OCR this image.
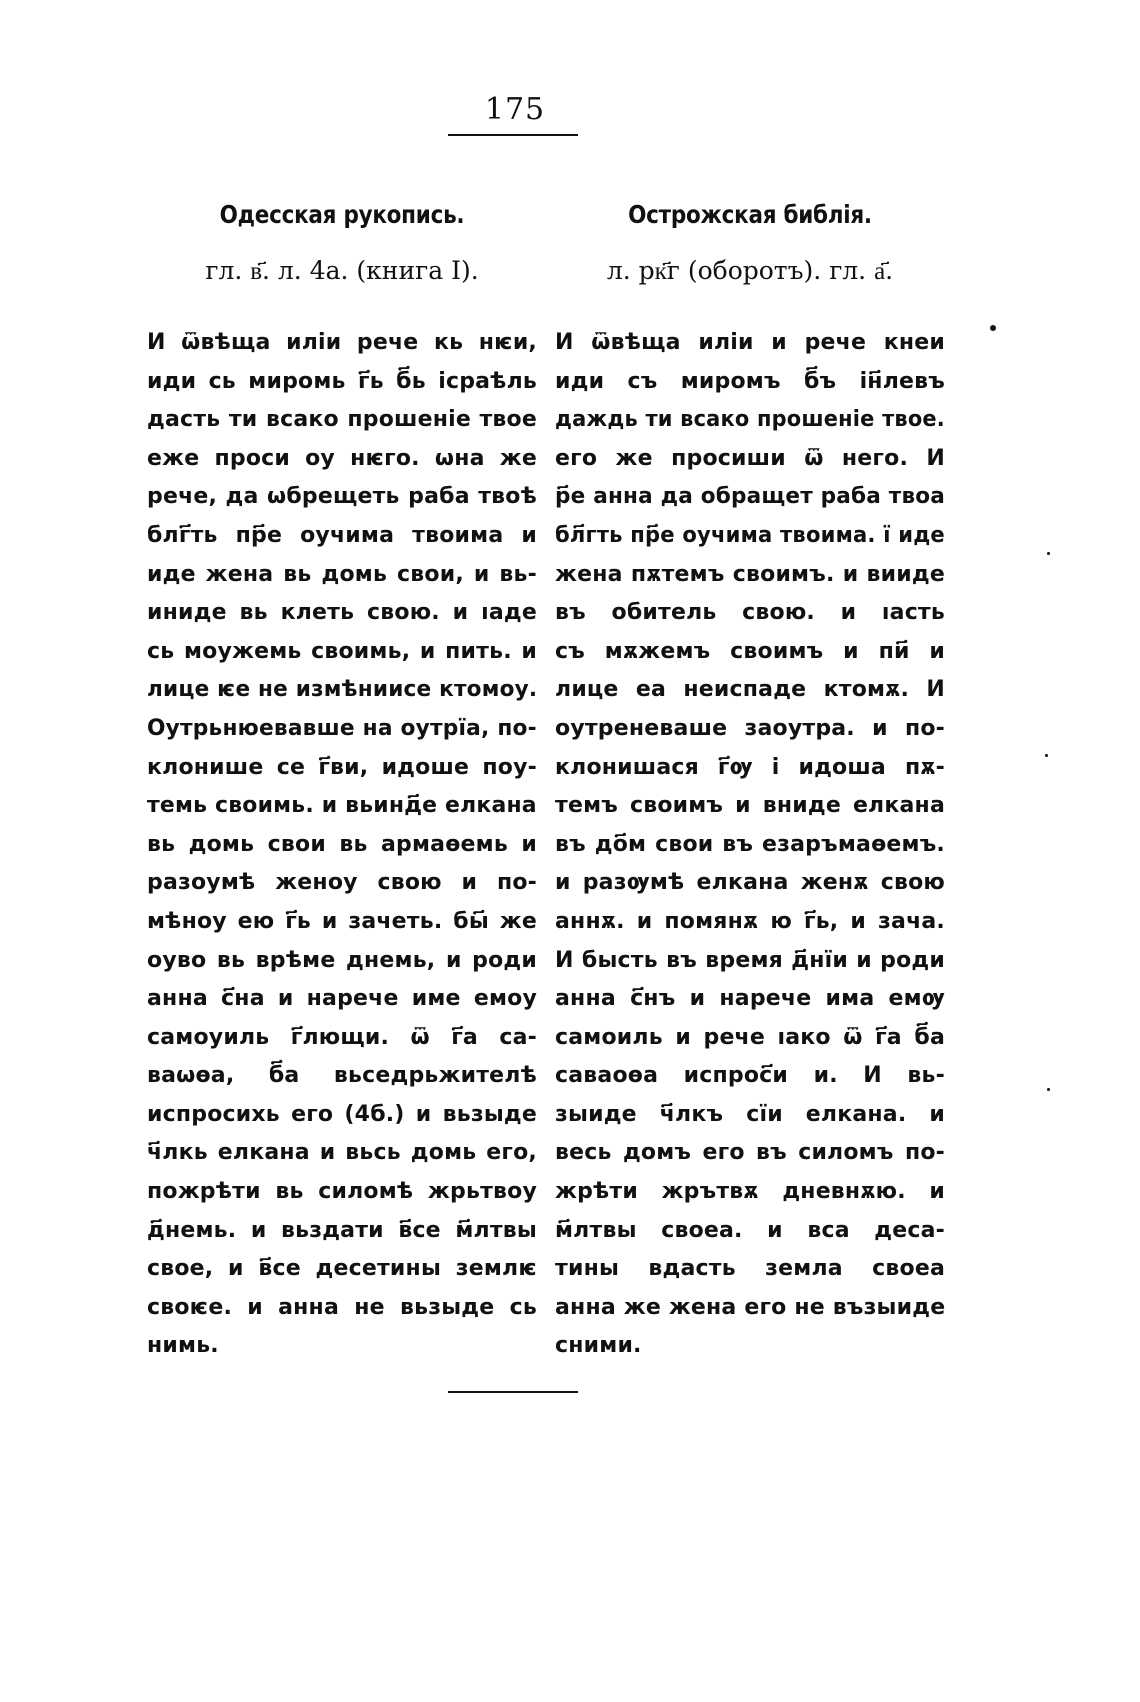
175
Одесская рукопись.
гл. в҃. л. 4а. (книга I).
И ѿвѣща иліи рече кь нѥи,
иди сь миромь г҃ь б҃ь ісраѣль
дасть ти всако прошеніе твое
еже проси оу нѥго. ѡна же
рече, да ѡбрещеть раба твоѣ
блг҃ть пр҃е оучима твоима и
иде жена вь домь свои, и вь-
иниде вь клеть свою. и ıаде
сь моужемь своимь, и пить. и
лице ѥе не измѣниисе ктомоу.
Оутрьнюевавше на оутрїа, по-
клонише се г҃ви, идоше поу-
темь своимь. и вьинд҃е елкана
вь домь свои вь армаѳемь и
разоумѣ женоу свою и по-
мѣноу ею г҃ь и зачеть. бы҃ же
оуво вь врѣме днемь, и роди
анна с҃на и нарече име емоу
самоуиль г҃лющи. ѿ г҃а са-
ваѡѳа, б҃а вьседрьжителѣ
испросихь его (4б.) и вьзыде
ч҃лкь елкана и вьсь домь его,
пожрѣти вь силомѣ жрьтвоу
д҃немь. и вьздати в҃се м҃лтвы
свое, и в҃се десетины землѥ
своѥе. и анна не вьзыде сь
нимь.
Острожская библія.
л. рк҃г (оборотъ). гл. а҃.
И ѿвѣща иліи и рече кнеи
иди съ миромъ б҃ъ ін҃левъ
даждь ти всако прошеніе твое.
его же просиши ѿ него. И
р҃е анна да обращет раба твоа
бл҃гть пр҃е оучима твоима. ї иде
жена пѫтемъ своимъ. и вииде
въ обитель свою. и ıасть
съ мѫжемъ своимъ и пи҃ и
лице еа неиспаде ктомѫ. И
оутреневаше заоутра. и по-
клонишася г҃ѹ і идоша пѫ-
темъ своимъ и вниде елкана
въ до҃м свои въ езаръмаѳемъ.
и разѹмѣ елкана женѫ свою
аннѫ. и помянѫ ю г҃ь, и зача.
И бысть въ время д҃нїи и роди
анна с҃нъ и нарече има емѹ
самоиль и рече ıако ѿ г҃а б҃а
саваоѳа испрос҃и и. И вь-
зыиде ч҃лкъ сїи елкана. и
весь домъ его въ силомъ по-
жрѣти жрътвѫ дневнѫю. и
м҃лтвы своеа. и вса деса-
тины вдасть земла своеа
анна же жена его не възыиде
сними.
